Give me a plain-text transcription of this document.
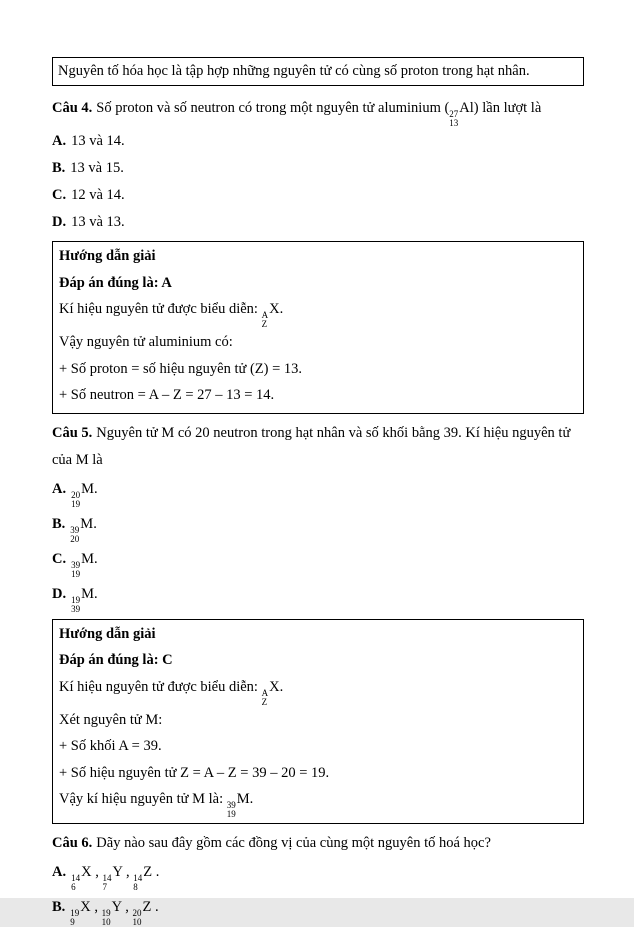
Nguyên tố hóa học là tập hợp những nguyên tử có cùng số proton trong hạt nhân.

Câu 4. Số proton và số neutron có trong một nguyên tử aluminium ( 27
13
Al) lần lượt là

A. 13 và 14.

B. 13 và 15.

C. 12 và 14.

D. 13 và 13.

Hướng dẫn giải

Đáp án đúng là: A

Kí hiệu nguyên tử được biểu diễn: A
Z
X.

Vậy nguyên tử aluminium có:

+ Số proton = số hiệu nguyên tử (Z) = 13.

+ Số neutron = A – Z = 27 – 13 = 14.

Câu 5. Nguyên tử M có 20 neutron trong hạt nhân và số khối bằng 39. Kí hiệu nguyên tử của M là

A. 20
19
M.

B. 39
20
M.

C. 39
19
M.

D. 19
39
M.

Hướng dẫn giải

Đáp án đúng là: C

Kí hiệu nguyên tử được biểu diễn: A
Z
X.

Xét nguyên tử M:

+ Số khối A = 39.

+ Số hiệu nguyên tử Z = A – Z = 39 – 20 = 19.

Vậy kí hiệu nguyên tử M là: 39
19
M.

Câu 6. Dãy nào sau đây gồm các đồng vị của cùng một nguyên tố hoá học?

A. 14
6
X , 14
7
Y , 14
8
Z .

B. 19
9
X , 19
10
Y , 20
10
Z .
